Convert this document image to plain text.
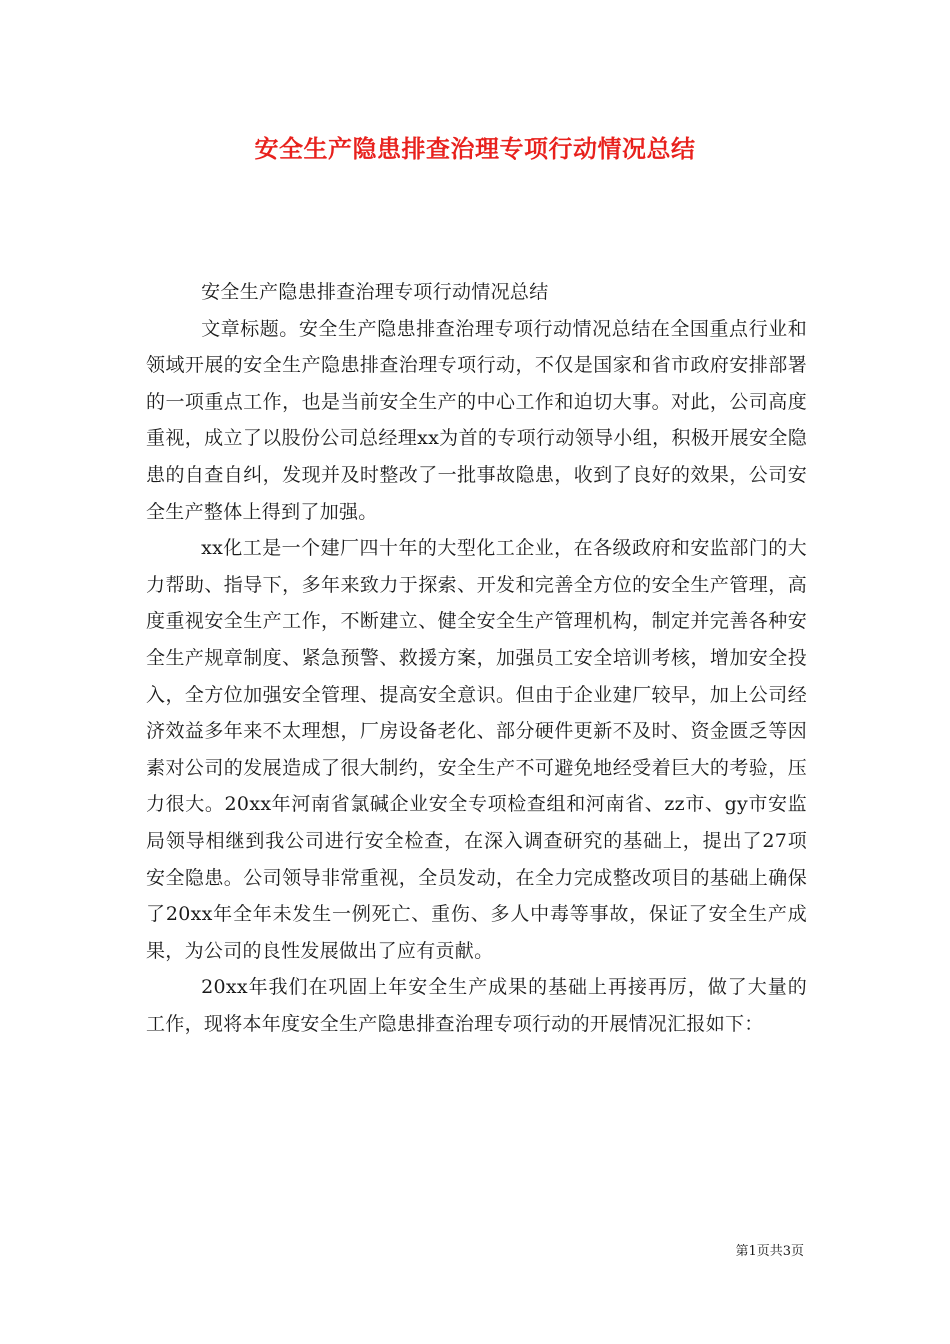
安全生产隐患排查治理专项行动情况总结

安全生产隐患排查治理专项行动情况总结

文章标题。安全生产隐患排查治理专项行动情况总结在全国重点行业和领域开展的安全生产隐患排查治理专项行动，不仅是国家和省市政府安排部署的一项重点工作，也是当前安全生产的中心工作和迫切大事。对此，公司高度重视，成立了以股份公司总经理xx为首的专项行动领导小组，积极开展安全隐患的自查自纠，发现并及时整改了一批事故隐患，收到了良好的效果，公司安全生产整体上得到了加强。

xx化工是一个建厂四十年的大型化工企业，在各级政府和安监部门的大力帮助、指导下，多年来致力于探索、开发和完善全方位的安全生产管理，高度重视安全生产工作，不断建立、健全安全生产管理机构，制定并完善各种安全生产规章制度、紧急预警、救援方案，加强员工安全培训考核，增加安全投入，全方位加强安全管理、提高安全意识。但由于企业建厂较早，加上公司经济效益多年来不太理想，厂房设备老化、部分硬件更新不及时、资金匮乏等因素对公司的发展造成了很大制约，安全生产不可避免地经受着巨大的考验，压力很大。20xx年河南省氯碱企业安全专项检查组和河南省、zz市、gy市安监局领导相继到我公司进行安全检查，在深入调查研究的基础上，提出了27项安全隐患。公司领导非常重视，全员发动，在全力完成整改项目的基础上确保了20xx年全年未发生一例死亡、重伤、多人中毒等事故，保证了安全生产成果，为公司的良性发展做出了应有贡献。

20xx年我们在巩固上年安全生产成果的基础上再接再厉，做了大量的工作，现将本年度安全生产隐患排查治理专项行动的开展情况汇报如下：

第1页共3页
